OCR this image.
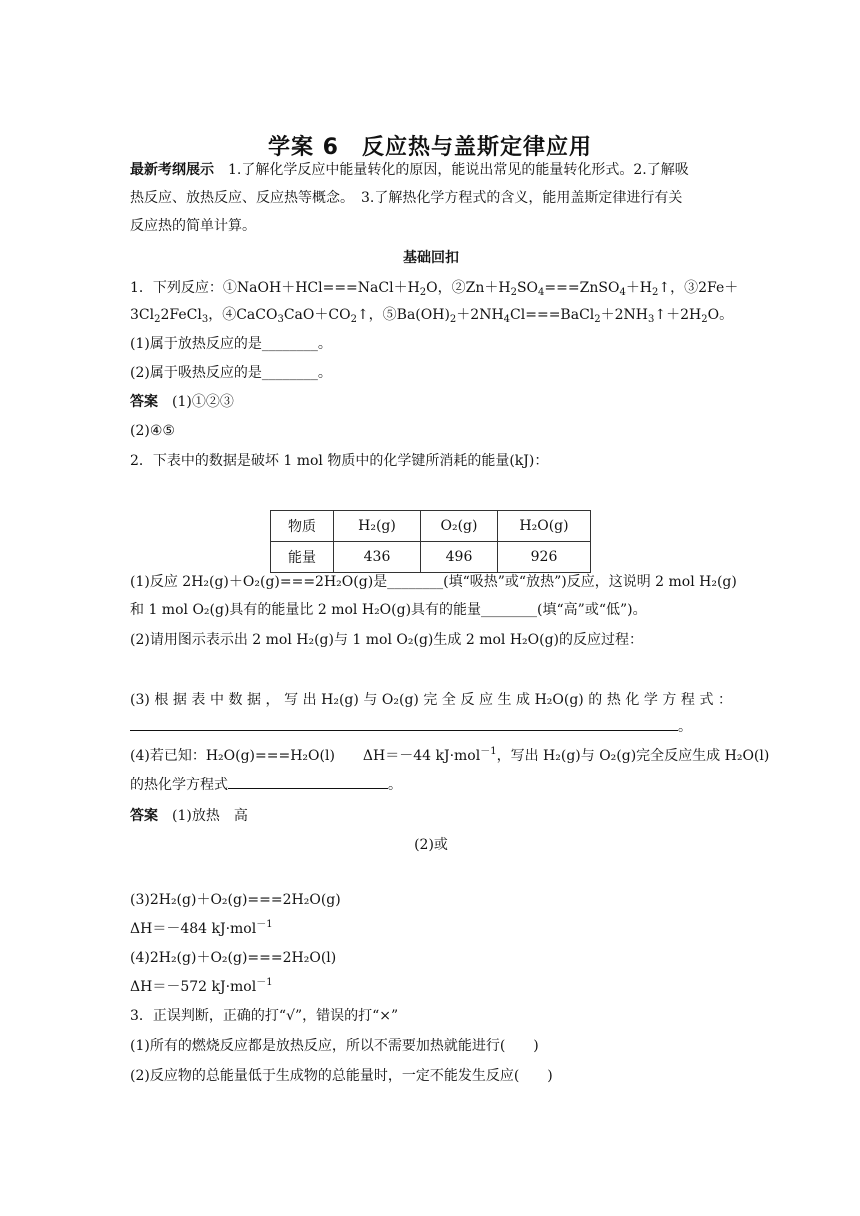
学案 6　反应热与盖斯定律应用
最新考纲展示　1.了解化学反应中能量转化的原因，能说出常见的能量转化形式。2.了解吸
热反应、放热反应、反应热等概念。　3.了解热化学方程式的含义，能用盖斯定律进行有关
反应热的简单计算。
基础回扣
1．下列反应：$①NaOH+HCl===NaCl+H_2O$，$②Zn+H_2SO_4===ZnSO_4+H_2↑$，③2Fe＋
$3Cl_22FeCl_3$，$④CaCO_3CaO+CO_2↑$，$⑤Ba(OH)_2+2NH_4Cl===BaCl_2+2NH_3↑+2H_2O$。
(1)属于放热反应的是________。
(2)属于吸热反应的是________。
答案　(1)①②③
(2)④⑤
2．下表中的数据是破坏 1 mol 物质中的化学键所消耗的能量(kJ)：
物质	H₂(g)	O₂(g)	H₂O(g)
能量	436	496	926
(1)反应 2H₂(g)＋O₂(g)===2H₂O(g)是________(填“吸热”或“放热”)反应，这说明 2 mol H₂(g)
和 1 mol O₂(g)具有的能量比 2 mol H₂O(g)具有的能量________(填“高”或“低”)。
(2)请用图示表示出 2 mol H₂(g)与 1 mol O₂(g)生成 2 mol H₂O(g)的反应过程：
(3)根据表中数据，写出H₂(g)与O₂(g)完全反应生成H₂O(g)的热化学方程式：
。
(4)若已知：H₂O(g)===H₂O(l)　　ΔH＝－44 kJ·mol$^{-1}$，写出 H₂(g)与 O₂(g)完全反应生成 H₂O(l)
的热化学方程式	。
答案　(1)放热　高
(2)或
(3)2H₂(g)＋O₂(g)===2H₂O(g)
ΔH＝－484 kJ·mol$^{-1}$
(4)2H₂(g)＋O₂(g)===2H₂O(l)
ΔH＝－572 kJ·mol$^{-1}$
3．正误判断，正确的打“√”，错误的打“×”
(1)所有的燃烧反应都是放热反应，所以不需要加热就能进行(　　)
(2)反应物的总能量低于生成物的总能量时，一定不能发生反应(　　)
